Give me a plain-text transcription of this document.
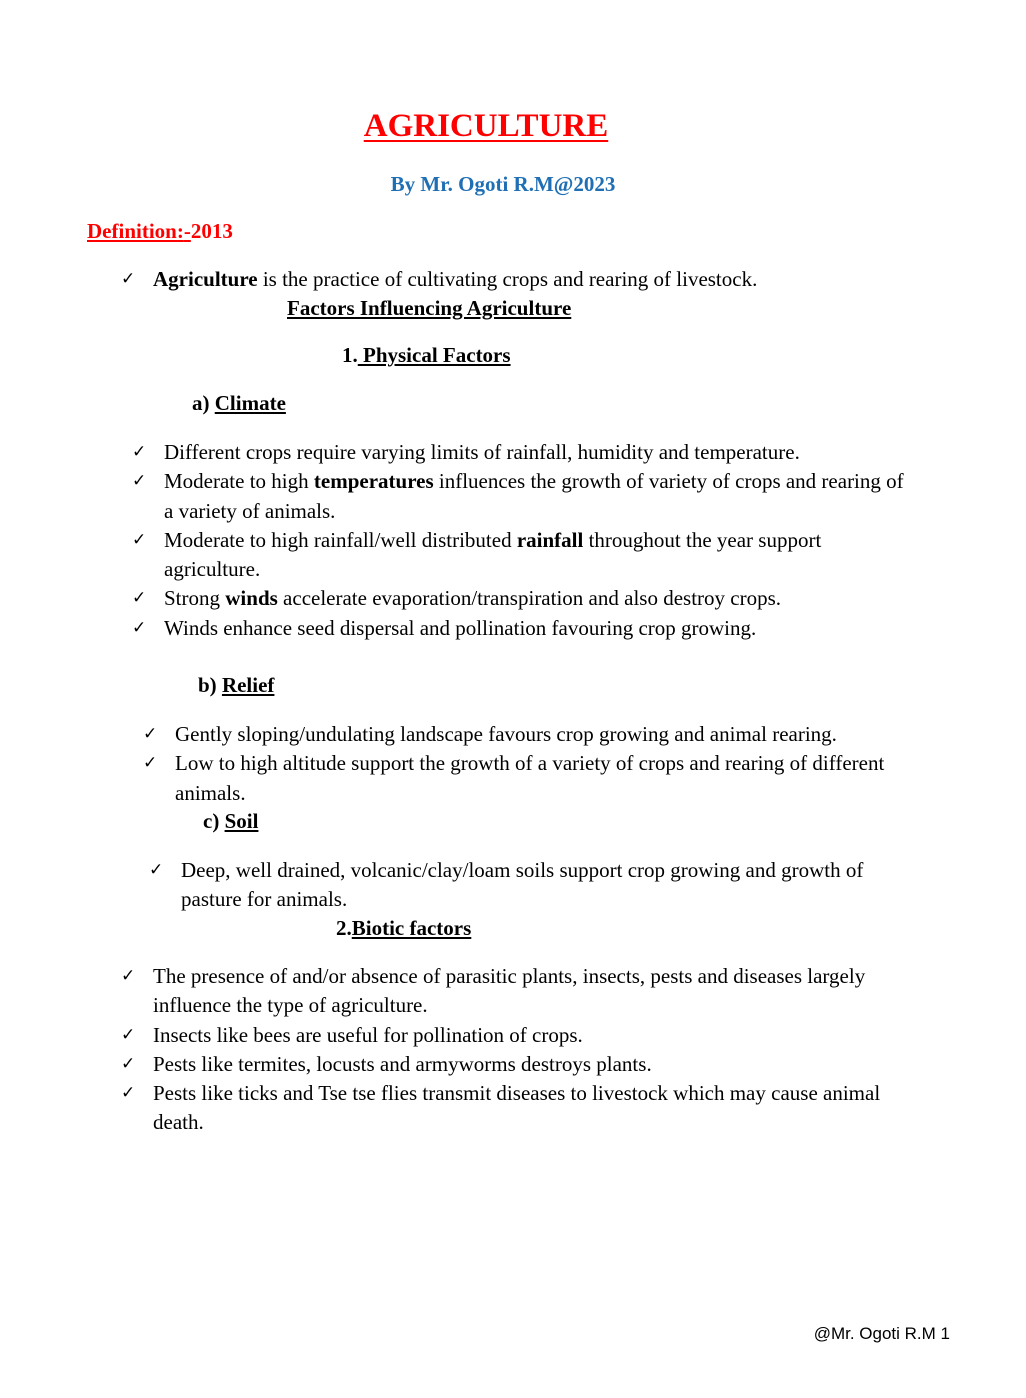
AGRICULTURE
By Mr. Ogoti R.M@2023
Definition:-2013
✓ Agriculture is the practice of cultivating crops and rearing of livestock.
Factors Influencing Agriculture
1. Physical Factors
a) Climate
✓ Different crops require varying limits of rainfall, humidity and temperature.
✓ Moderate to high temperatures influences the growth of variety of crops and rearing of
a variety of animals.
✓ Moderate to high rainfall/well distributed rainfall throughout the year support
agriculture.
✓ Strong winds accelerate evaporation/transpiration and also destroy crops.
✓ Winds enhance seed dispersal and pollination favouring crop growing.
b) Relief
✓ Gently sloping/undulating landscape favours crop growing and animal rearing.
✓ Low to high altitude support the growth of a variety of crops and rearing of different
animals.
c) Soil
✓ Deep, well drained, volcanic/clay/loam soils support crop growing and growth of
pasture for animals.
2.Biotic factors
✓ The presence of and/or absence of parasitic plants, insects, pests and diseases largely
influence the type of agriculture.
✓ Insects like bees are useful for pollination of crops.
✓ Pests like termites, locusts and armyworms destroys plants.
✓ Pests like ticks and Tse tse flies transmit diseases to livestock which may cause animal
death.
@Mr. Ogoti R.M 1
